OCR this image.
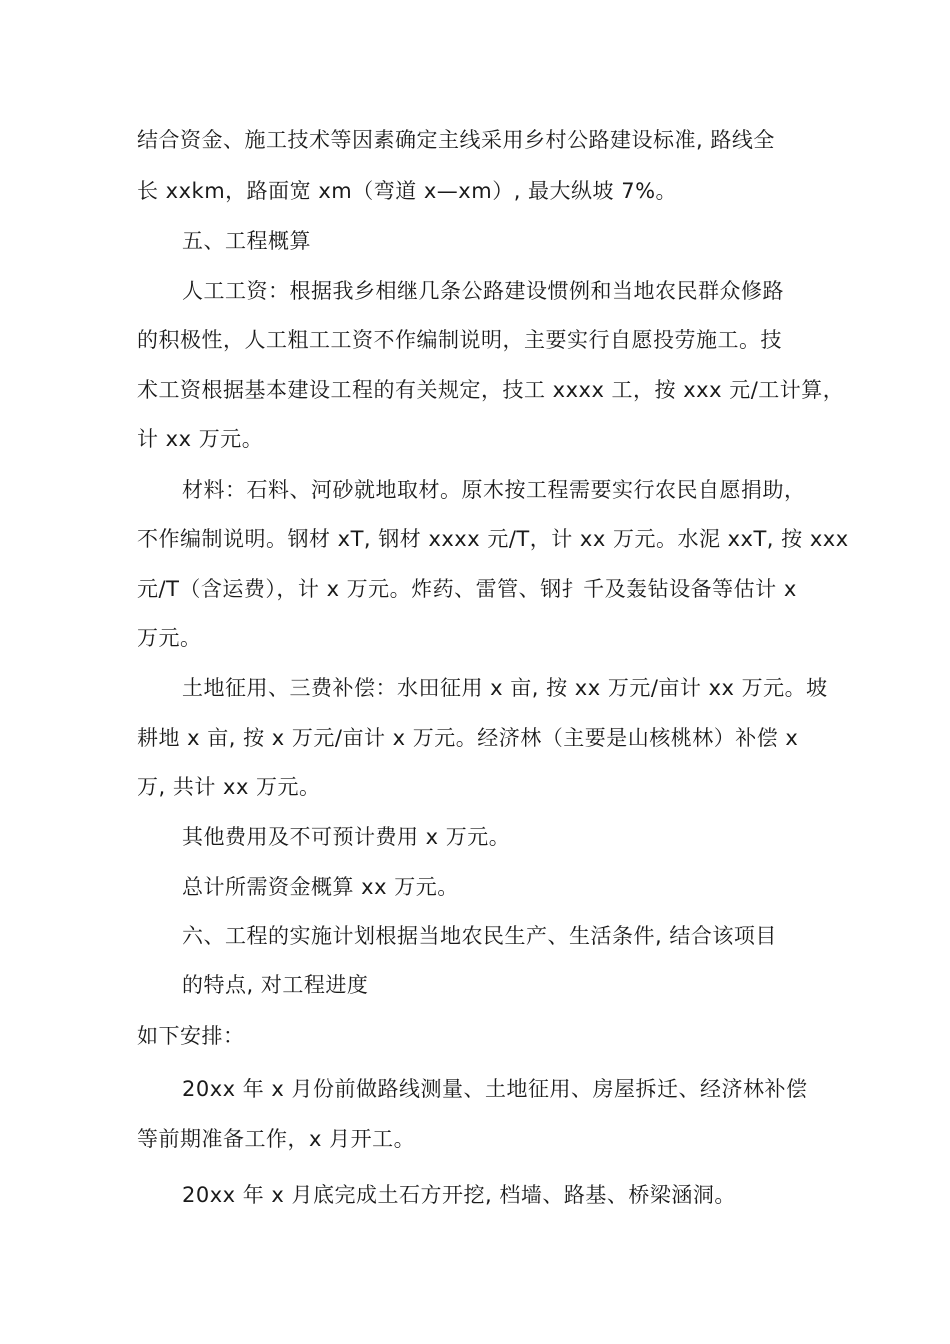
结合资金、施工技术等因素确定主线采用乡村公路建设标准, 路线全
长 xxkm，路面宽 xm（弯道 x—xm）, 最大纵坡 7%。
五、工程概算
人工工资：根据我乡相继几条公路建设惯例和当地农民群众修路
的积极性，人工粗工工资不作编制说明，主要实行自愿投劳施工。技
术工资根据基本建设工程的有关规定，技工 xxxx 工，按 xxx 元/工计算，
计 xx 万元。
材料：石料、河砂就地取材。原木按工程需要实行农民自愿捐助，
不作编制说明。钢材 xT, 钢材 xxxx 元/T，计 xx 万元。水泥 xxT, 按 xxx
元/T（含运费），计 x 万元。炸药、雷管、钢扌千及轰钻设备等估计 x
万元。
土地征用、三费补偿：水田征用 x 亩, 按 xx 万元/亩计 xx 万元。坡
耕地 x 亩, 按 x 万元/亩计 x 万元。经济林（主要是山核桃林）补偿 x
万, 共计 xx 万元。
其他费用及不可预计费用 x 万元。
总计所需资金概算 xx 万元。
六、工程的实施计划根据当地农民生产、生活条件, 结合该项目
的特点, 对工程进度
如下安排：
20xx 年 x 月份前做路线测量、土地征用、房屋拆迁、经济林补偿
等前期准备工作，x 月开工。
20xx 年 x 月底完成土石方开挖, 档墙、路基、桥梁涵洞。
